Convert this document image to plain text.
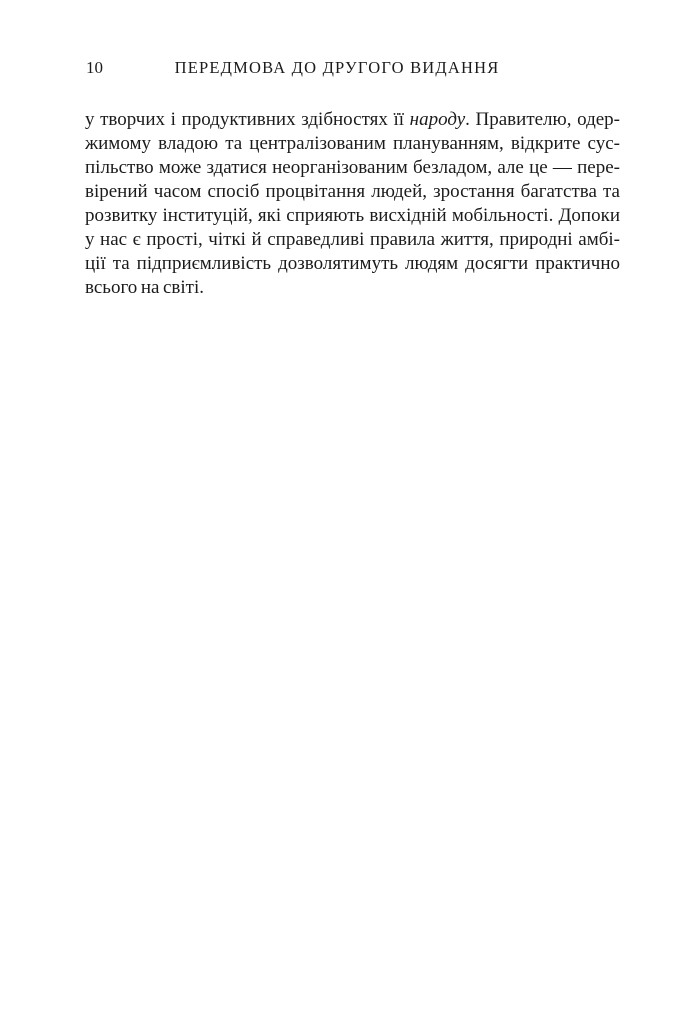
10	ПЕРЕДМОВА ДО ДРУГОГО ВИДАННЯ
у творчих і продуктивних здібностях її народу. Правителю, одер-
жимому владою та централізованим плануванням, відкрите сус-
пільство може здатися неорганізованим безладом, але це — пере-
вірений часом спосіб процвітання людей, зростання багатства та
розвитку інституцій, які сприяють висхідній мобільності. Допоки
у нас є прості, чіткі й справедливі правила життя, природні амбі-
ції та підприємливість дозволятимуть людям досягти практично
всього на світі.
